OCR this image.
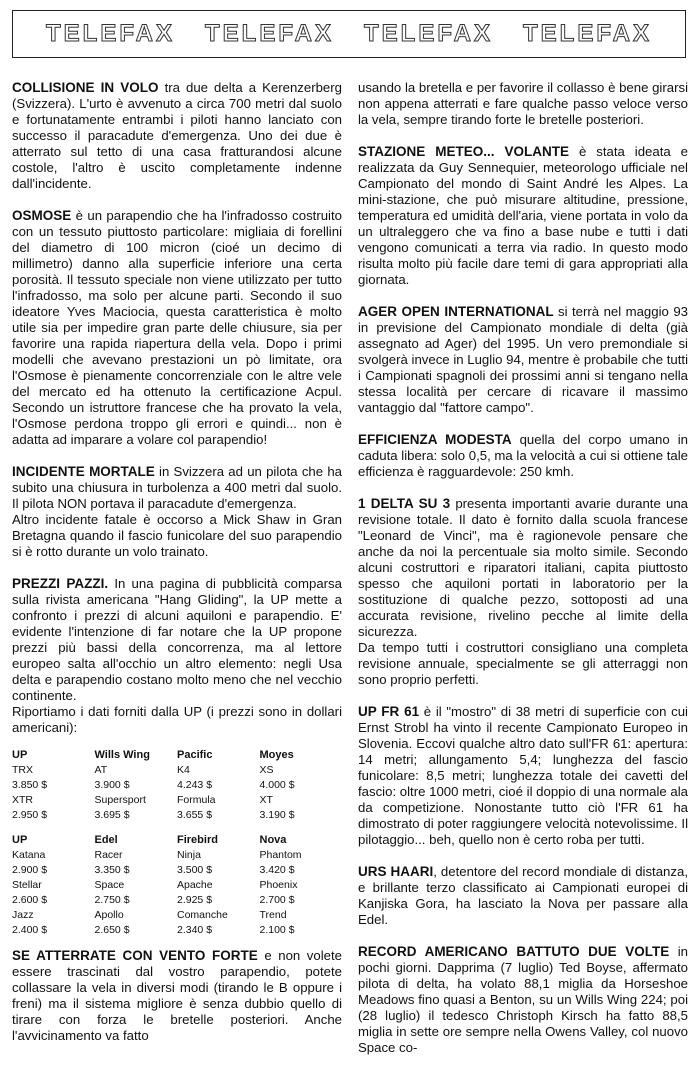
TELEFAX TELEFAX TELEFAX TELEFAX

COLLISIONE IN VOLO tra due delta a Kerenzerberg (Svizzera). L'urto è avvenuto a circa 700 metri dal suolo e fortunatamente entrambi i piloti hanno lanciato con successo il paracadute d'emergenza. Uno dei due è atterrato sul tetto di una casa fratturandosi alcune costole, l'altro è uscito completamente indenne dall'incidente.

OSMOSE è un parapendio che ha l'infradosso costruito con un tessuto piuttosto particolare: migliaia di forellini del diametro di 100 micron (cioé un decimo di millimetro) danno alla superficie inferiore una certa porosità. Il tessuto speciale non viene utilizzato per tutto l'infradosso, ma solo per alcune parti. Secondo il suo ideatore Yves Maciocia, questa caratteristica è molto utile sia per impedire gran parte delle chiusure, sia per favorire una rapida riapertura della vela. Dopo i primi modelli che avevano prestazioni un pò limitate, ora l'Osmose è pienamente concorrenziale con le altre vele del mercato ed ha ottenuto la certificazione Acpul. Secondo un istruttore francese che ha provato la vela, l'Osmose perdona troppo gli errori e quindi... non è adatta ad imparare a volare col parapendio!

INCIDENTE MORTALE in Svizzera ad un pilota che ha subito una chiusura in turbolenza a 400 metri dal suolo. Il pilota NON portava il paracadute d'emergenza.
Altro incidente fatale è occorso a Mick Shaw in Gran Bretagna quando il fascio funicolare del suo parapendio si è rotto durante un volo trainato.

PREZZI PAZZI. In una pagina di pubblicità comparsa sulla rivista americana "Hang Gliding", la UP mette a confronto i prezzi di alcuni aquiloni e parapendio. E' evidente l'intenzione di far notare che la UP propone prezzi più bassi della concorrenza, ma al lettore europeo salta all'occhio un altro elemento: negli Usa delta e parapendio costano molto meno che nel vecchio continente.
Riportiamo i dati forniti dalla UP (i prezzi sono in dollari americani):
UP	Wills Wing	Pacific	Moyes
TRX	AT	K4	XS
3.850 $	3.900 $	4.243 $	4.000 $
XTR	Supersport	Formula	XT
2.950 $	3.695 $	3.655 $	3.190 $

UP	Edel	Firebird	Nova
Katana	Racer	Ninja	Phantom
2.900 $	3.350 $	3.500 $	3.420 $
Stellar	Space	Apache	Phoenix
2.600 $	2.750 $	2.925 $	2.700 $
Jazz	Apollo	Comanche	Trend
2.400 $	2.650 $	2.340 $	2.100 $

SE ATTERRATE CON VENTO FORTE e non volete essere trascinati dal vostro parapendio, potete collassare la vela in diversi modi (tirando le B oppure i freni) ma il sistema migliore è senza dubbio quello di tirare con forza le bretelle posteriori. Anche l'avvicinamento va fatto

usando la bretella e per favorire il collasso è bene girarsi non appena atterrati e fare qualche passo veloce verso la vela, sempre tirando forte le bretelle posteriori.

STAZIONE METEO... VOLANTE è stata ideata e realizzata da Guy Sennequier, meteorologo ufficiale nel Campionato del mondo di Saint André les Alpes. La mini-stazione, che può misurare altitudine, pressione, temperatura ed umidità dell'aria, viene portata in volo da un ultraleggero che va fino a base nube e tutti i dati vengono comunicati a terra via radio. In questo modo risulta molto più facile dare temi di gara appropriati alla giornata.

AGER OPEN INTERNATIONAL si terrà nel maggio 93 in previsione del Campionato mondiale di delta (già assegnato ad Ager) del 1995. Un vero premondiale si svolgerà invece in Luglio 94, mentre è probabile che tutti i Campionati spagnoli dei prossimi anni si tengano nella stessa località per cercare di ricavare il massimo vantaggio dal "fattore campo".

EFFICIENZA MODESTA quella del corpo umano in caduta libera: solo 0,5, ma la velocità a cui si ottiene tale efficienza è ragguardevole: 250 kmh.

1 DELTA SU 3 presenta importanti avarie durante una revisione totale. Il dato è fornito dalla scuola francese "Leonard de Vinci", ma è ragionevole pensare che anche da noi la percentuale sia molto simile. Secondo alcuni costruttori e riparatori italiani, capita piuttosto spesso che aquiloni portati in laboratorio per la sostituzione di qualche pezzo, sottoposti ad una accurata revisione, rivelino pecche al limite della sicurezza.
Da tempo tutti i costruttori consigliano una completa revisione annuale, specialmente se gli atterraggi non sono proprio perfetti.

UP FR 61 è il "mostro" di 38 metri di superficie con cui Ernst Strobl ha vinto il recente Campionato Europeo in Slovenia. Eccovi qualche altro dato sull'FR 61: apertura: 14 metri; allungamento 5,4; lunghezza del fascio funicolare: 8,5 metri; lunghezza totale dei cavetti del fascio: oltre 1000 metri, cioé il doppio di una normale ala da competizione. Nonostante tutto ciò l'FR 61 ha dimostrato di poter raggiungere velocità notevolissime. Il pilotaggio... beh, quello non è certo roba per tutti.

URS HAARI, detentore del record mondiale di distanza, e brillante terzo classificato ai Campionati europei di Kanjiska Gora, ha lasciato la Nova per passare alla Edel.

RECORD AMERICANO BATTUTO DUE VOLTE in pochi giorni. Dapprima (7 luglio) Ted Boyse, affermato pilota di delta, ha volato 88,1 miglia da Horseshoe Meadows fino quasi a Benton, su un Wills Wing 224; poi (28 luglio) il tedesco Christoph Kirsch ha fatto 88,5 miglia in sette ore sempre nella Owens Valley, col nuovo Space co-
